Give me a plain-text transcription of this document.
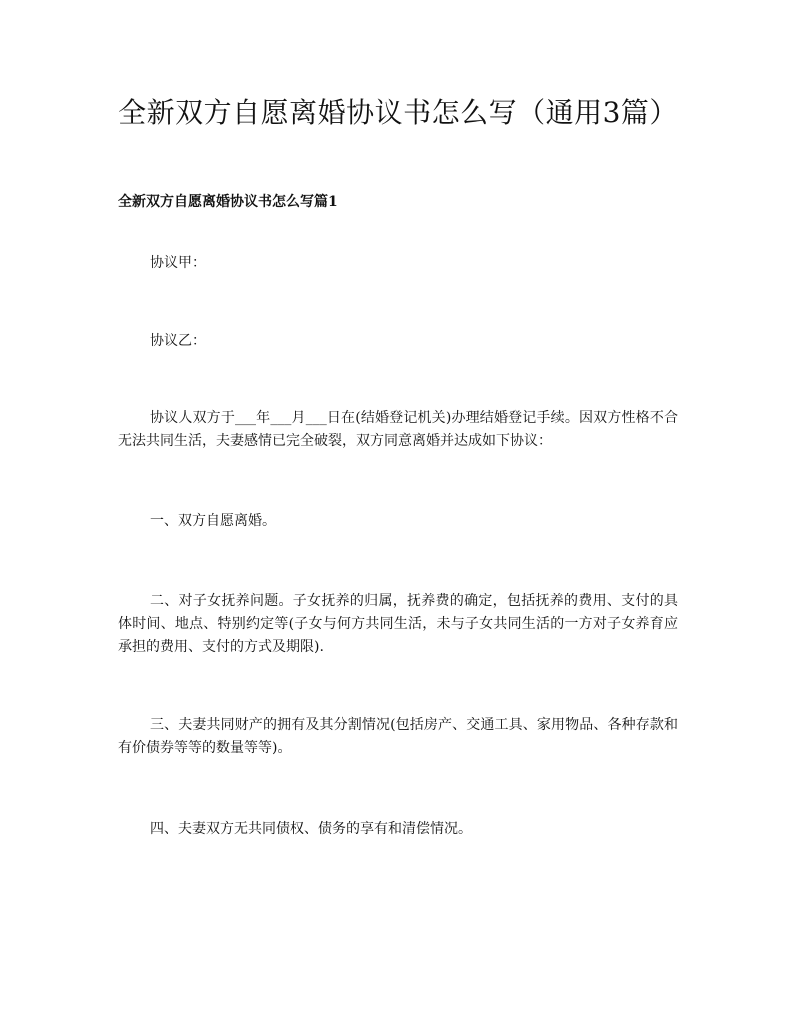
全新双方自愿离婚协议书怎么写（通用3篇）
全新双方自愿离婚协议书怎么写篇1
协议甲：
协议乙：
协议人双方于___年___月___日在(结婚登记机关)办理结婚登记手续。因双方性格不合无法共同生活，夫妻感情已完全破裂，双方同意离婚并达成如下协议：
一、双方自愿离婚。
二、对子女抚养问题。子女抚养的归属，抚养费的确定，包括抚养的费用、支付的具体时间、地点、特别约定等(子女与何方共同生活，未与子女共同生活的一方对子女养育应承担的费用、支付的方式及期限).
三、夫妻共同财产的拥有及其分割情况(包括房产、交通工具、家用物品、各种存款和有价债券等等的数量等等)。
四、夫妻双方无共同债权、债务的享有和清偿情况。
